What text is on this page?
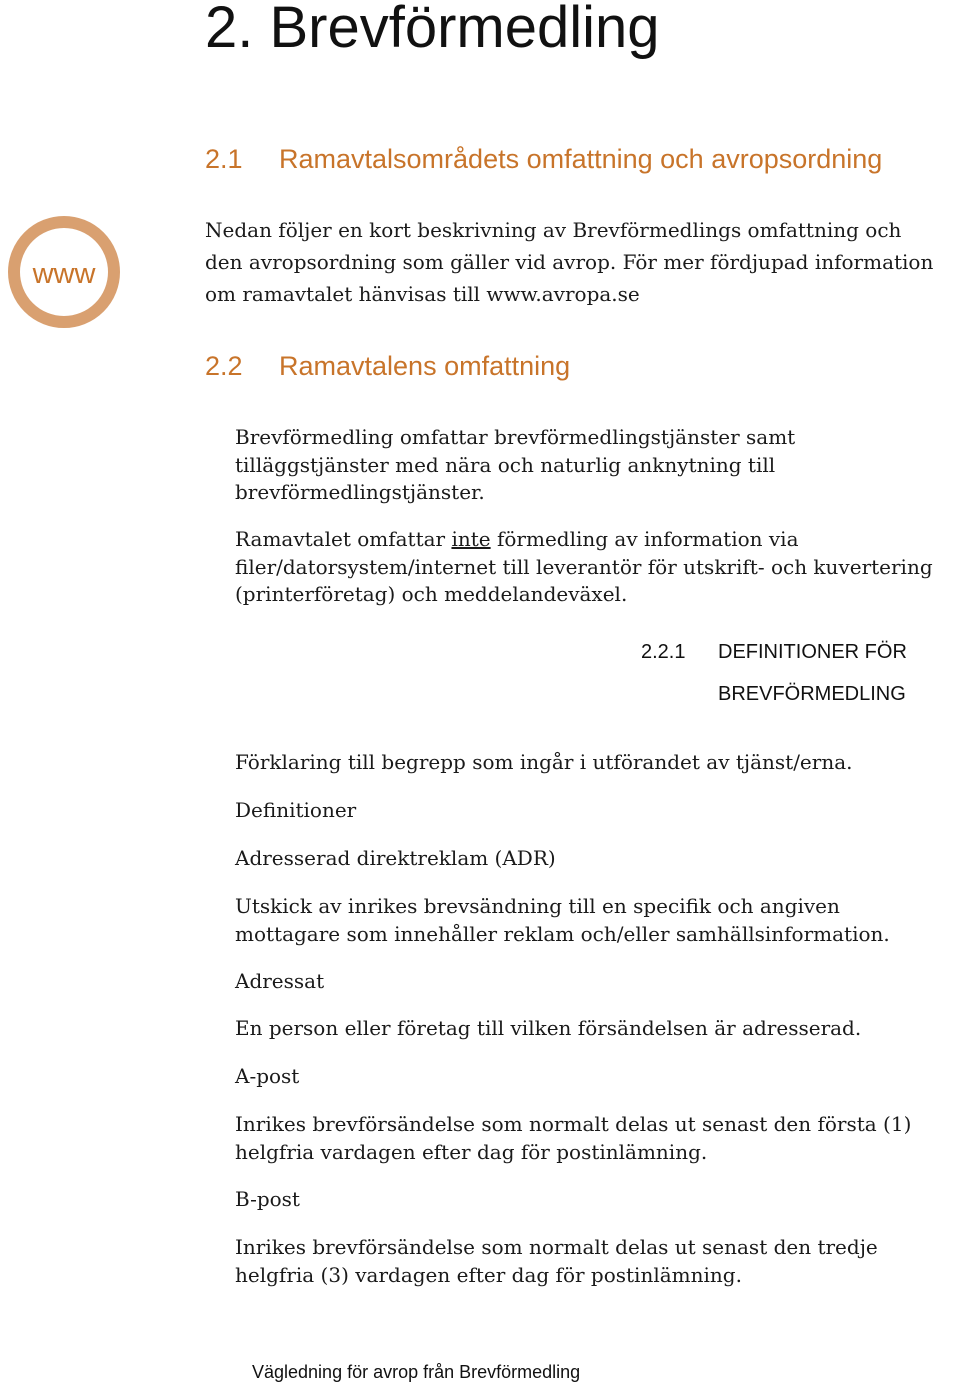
2. Brevförmedling
2.1 Ramavtalsområdets omfattning och avropsordning
www
Nedan följer en kort beskrivning av Brevförmedlings omfattning och
den avropsordning som gäller vid avrop. För mer fördjupad information
om ramavtalet hänvisas till www.avropa.se
2.2 Ramavtalens omfattning
Brevförmedling omfattar brevförmedlingstjänster samt
tilläggstjänster med nära och naturlig anknytning till
brevförmedlingstjänster.
Ramavtalet omfattar inte förmedling av information via
filer/datorsystem/internet till leverantör för utskrift- och kuvertering
(printerföretag) och meddelandeväxel.
2.2.1 DEFINITIONER FÖR
BREVFÖRMEDLING
Förklaring till begrepp som ingår i utförandet av tjänst/erna.
Definitioner
Adresserad direktreklam (ADR)
Utskick av inrikes brevsändning till en specifik och angiven
mottagare som innehåller reklam och/eller samhällsinformation.
Adressat
En person eller företag till vilken försändelsen är adresserad.
A-post
Inrikes brevförsändelse som normalt delas ut senast den första (1)
helgfria vardagen efter dag för postinlämning.
B-post
Inrikes brevförsändelse som normalt delas ut senast den tredje
helgfria (3) vardagen efter dag för postinlämning.
Vägledning för avrop från Brevförmedling
